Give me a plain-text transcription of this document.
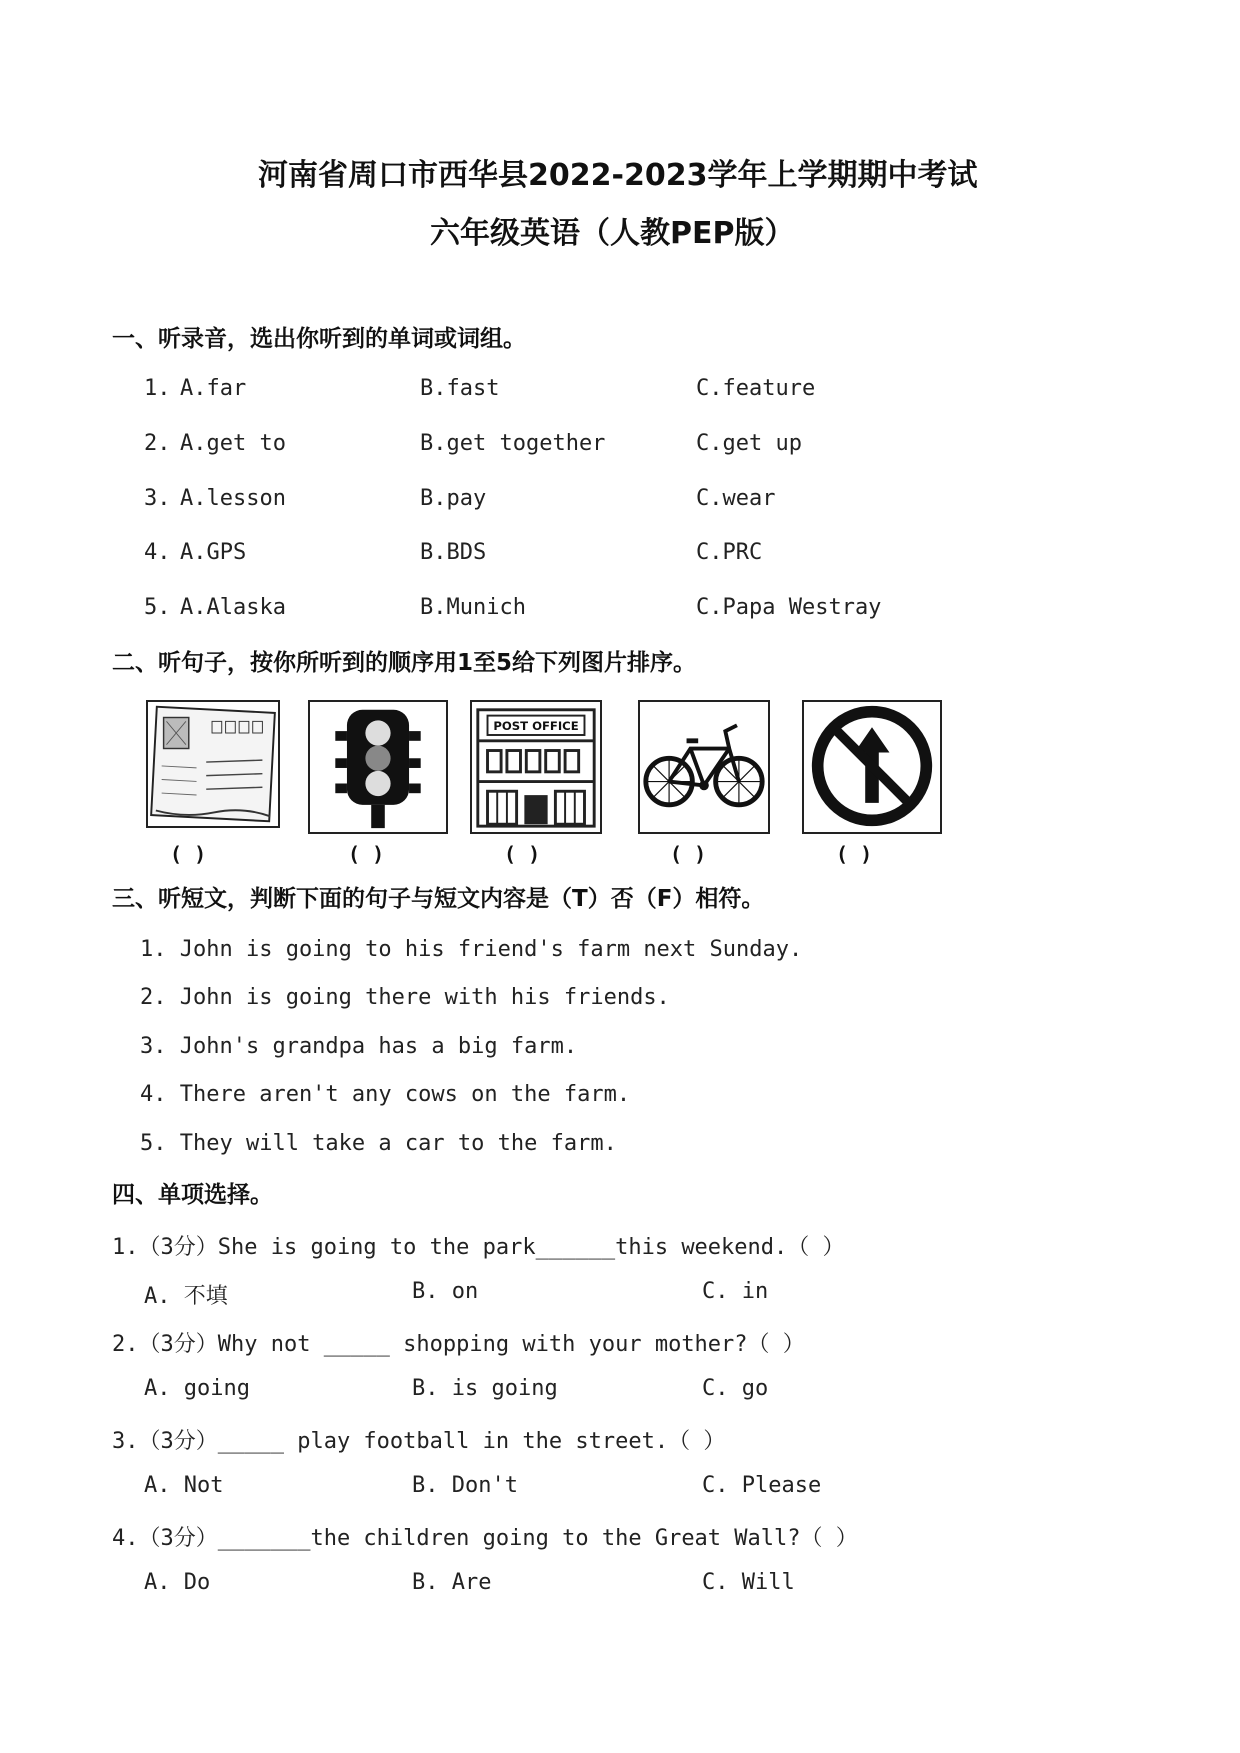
河南省周口市西华县2022-2023学年上学期期中考试
六年级英语（人教PEP版）
一、听录音，选出你听到的单词或词组。
1. A.far	B.fast	C.feature
2. A.get to	B.get together	C.get up
3. A.lesson	B.pay	C.wear
4. A.GPS	B.BDS	C.PRC
5. A.Alaska	B.Munich	C.Papa Westray
二、听句子，按你所听到的顺序用1至5给下列图片排序。
POST OFFICE
( )	( )	( )	( )	( )
三、听短文，判断下面的句子与短文内容是（T）否（F）相符。
1. John is going to his friend's farm next Sunday.
2. John is going there with his friends.
3. John's grandpa has a big farm.
4. There aren't any cows on the farm.
5. They will take a car to the farm.
四、单项选择。
1.（3分）She is going to the park______this weekend.（ ）
A. 不填	B. on	C. in
2.（3分）Why not _____ shopping with your mother?（ ）
A. going	B. is going	C. go
3.（3分）_____ play football in the street.（ ）
A. Not	B. Don't	C. Please
4.（3分）_______the children going to the Great Wall?（ ）
A. Do	B. Are	C. Will
